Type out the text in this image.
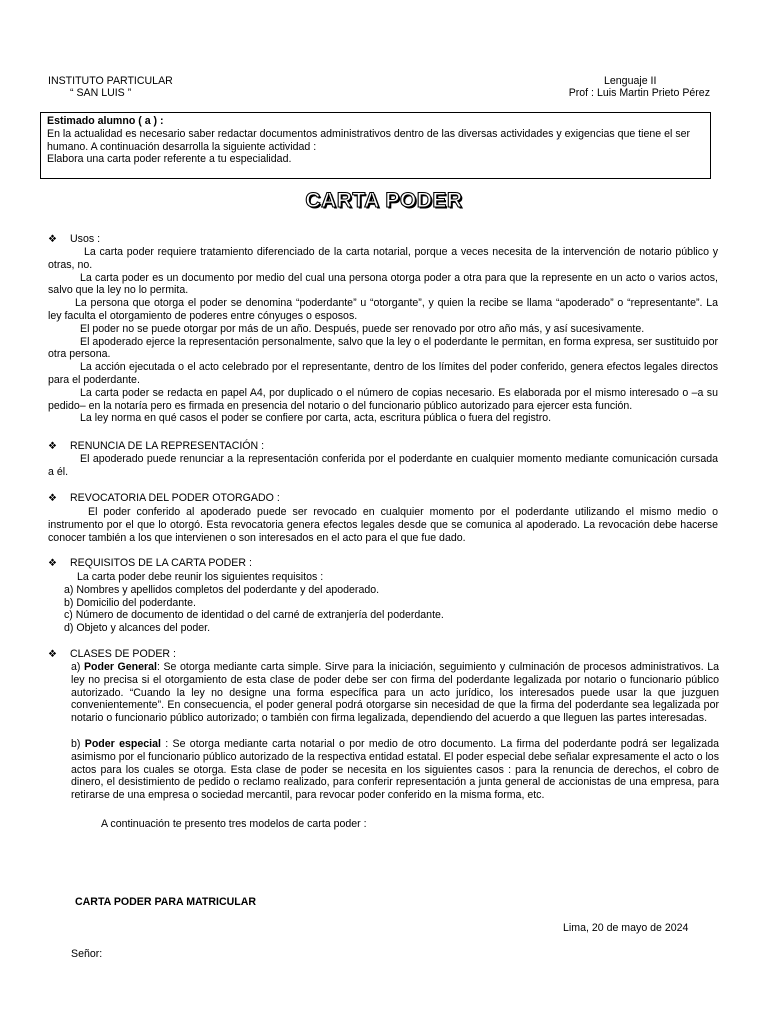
INSTITUTO PARTICULAR
“ SAN LUIS ”
Lenguaje II
Prof : Luis Martin Prieto Pérez

Estimado alumno ( a ) :

En la actualidad es necesario saber redactar documentos administrativos dentro de las diversas actividades y exigencias que tiene el ser humano. A continuación desarrolla la siguiente actividad :

Elabora una carta poder referente a tu especialidad.

CARTA PODER
❖ Usos :

La carta poder requiere tratamiento diferenciado de la carta notarial, porque a veces necesita de la intervención de notario público y otras, no.

La carta poder es un documento por medio del cual una persona otorga poder a otra para que la represente en un acto o varios actos, salvo que la ley no lo permita.

La persona que otorga el poder se denomina “poderdante” u “otorgante”, y quien la recibe se llama “apoderado” o “representante”. La ley faculta el otorgamiento de poderes entre cónyuges o esposos.

El poder no se puede otorgar por más de un año. Después, puede ser renovado por otro año más, y así sucesivamente.

El apoderado ejerce la representación personalmente, salvo que la ley o el poderdante le permitan, en forma expresa, ser sustituido por otra persona.

La acción ejecutada o el acto celebrado por el representante, dentro de los límites del poder conferido, genera efectos legales directos para el poderdante.

La carta poder se redacta en papel A4, por duplicado o el número de copias necesario. Es elaborada por el mismo interesado o –a su pedido– en la notaría pero es firmada en presencia del notario o del funcionario público autorizado para ejercer esta función.

La ley norma en qué casos el poder se confiere por carta, acta, escritura pública o fuera del registro.

❖ RENUNCIA DE LA REPRESENTACIÓN :

El apoderado puede renunciar a la representación conferida por el poderdante en cualquier momento mediante comunicación cursada a él.

❖ REVOCATORIA DEL PODER OTORGADO :

El poder conferido al apoderado puede ser revocado en cualquier momento por el poderdante utilizando el mismo medio o instrumento por el que lo otorgó. Esta revocatoria genera efectos legales desde que se comunica al apoderado. La revocación debe hacerse conocer también a los que intervienen o son interesados en el acto para el que fue dado.

❖ REQUISITOS DE LA CARTA PODER :

La carta poder debe reunir los siguientes requisitos :

a) Nombres y apellidos completos del poderdante y del apoderado.

b) Domicilio del poderdante.

c) Número de documento de identidad o del carné de extranjería del poderdante.

d) Objeto y alcances del poder.

❖ CLASES DE PODER :

a) Poder General: Se otorga mediante carta simple. Sirve para la iniciación, seguimiento y culminación de procesos administrativos. La ley no precisa si el otorgamiento de esta clase de poder debe ser con firma del poderdante legalizada por notario o funcionario público autorizado. “Cuando la ley no designe una forma específica para un acto jurídico, los interesados puede usar la que juzguen convenientemente”. En consecuencia, el poder general podrá otorgarse sin necesidad de que la firma del poderdante sea legalizada por notario o funcionario público autorizado; o también con firma legalizada, dependiendo del acuerdo a que lleguen las partes interesadas.

b) Poder especial : Se otorga mediante carta notarial o por medio de otro documento. La firma del poderdante podrá ser legalizada asimismo por el funcionario público autorizado de la respectiva entidad estatal. El poder especial debe señalar expresamente el acto o los actos para los cuales se otorga. Esta clase de poder se necesita en los siguientes casos : para la renuncia de derechos, el cobro de dinero, el desistimiento de pedido o reclamo realizado, para conferir representación a junta general de accionistas de una empresa, para retirarse de una empresa o sociedad mercantil, para revocar poder conferido en la misma forma, etc.

A continuación te presento tres modelos de carta poder :
CARTA PODER PARA MATRICULAR
Lima, 20 de mayo de 2024
Señor:
